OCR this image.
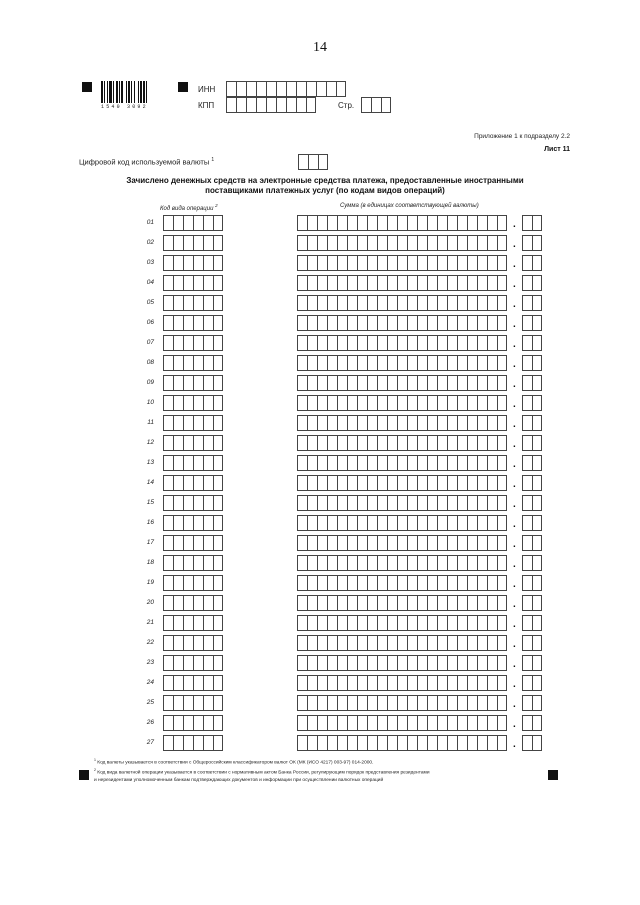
14
1540 3092
ИНН
КПП	Стр.
Приложение 1 к подразделу 2.2
Лист 11
Цифровой код используемой валюты $^1$
Зачислено денежных средств на электронные средства платежа, предоставленные иностранными
поставщиками платежных услуг (по кодам видов операций)
Код вида операции $^2$	Сумма (в единицах соответствующей валюты)
01	.
02	.
03	.
04	.
05	.
06	.
07	.
08	.
09	.
10	.
11	.
12	.
13	.
14	.
15	.
16	.
17	.
18	.
19	.
20	.
21	.
22	.
23	.
24	.
25	.
26	.
27	.
$^1$ Код валюты указывается в соответствии с Общероссийским классификатором валют ОК (МК (ИСО 4217) 003-97) 014-2000.
$^2$ Код вида валютной операции указывается в соответствии с нормативным актом Банка России, регулирующим порядок представления резидентами
и нерезидентами уполномоченным банкам подтверждающих документов и информации при осуществлении валютных операций
